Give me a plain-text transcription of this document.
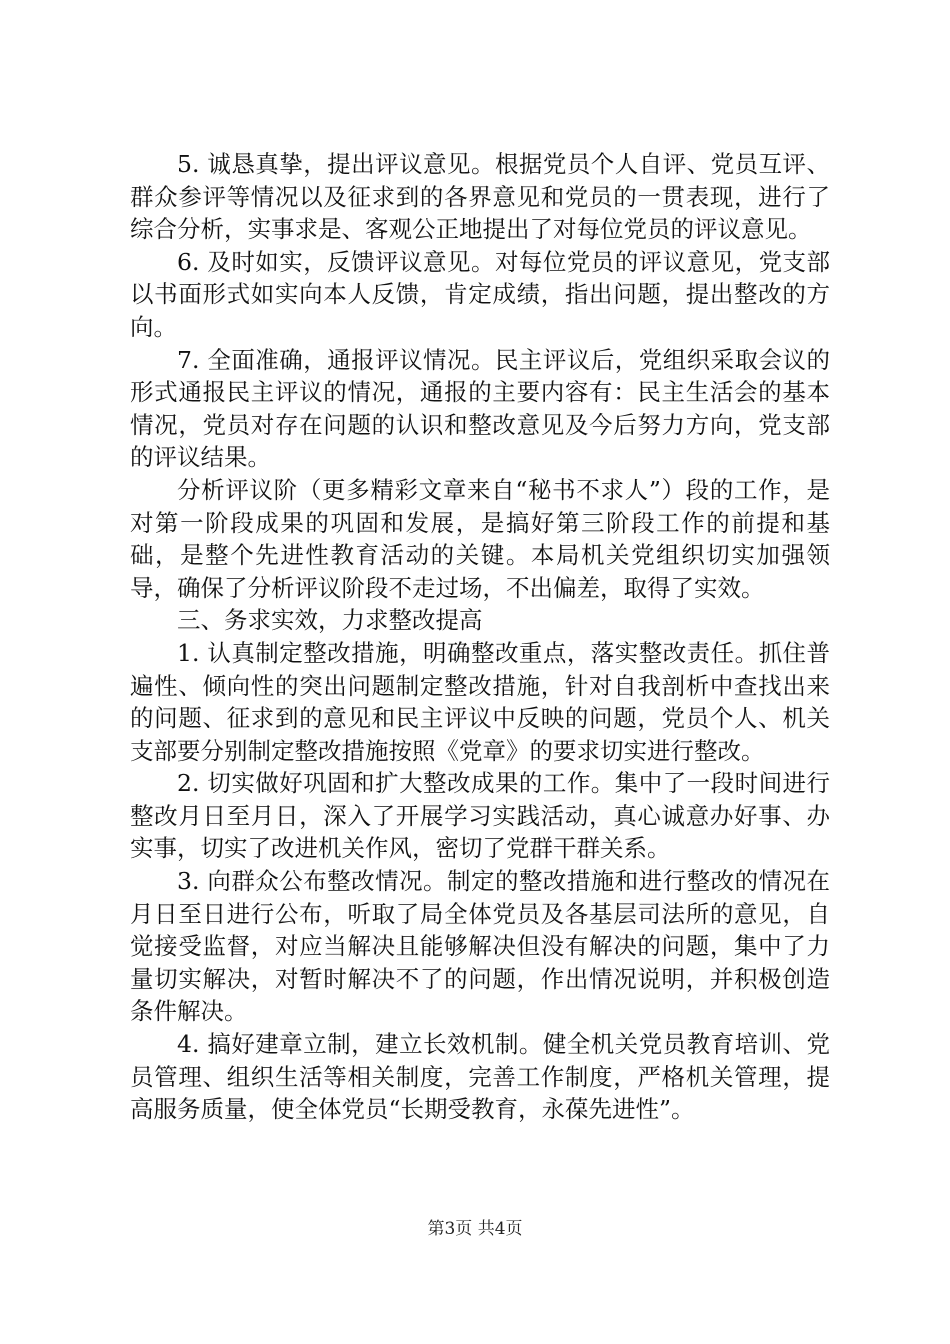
5. 诚恳真挚，提出评议意见。根据党员个人自评、党员互评、群众参评等情况以及征求到的各界意见和党员的一贯表现，进行了综合分析，实事求是、客观公正地提出了对每位党员的评议意见。

6. 及时如实，反馈评议意见。对每位党员的评议意见，党支部以书面形式如实向本人反馈，肯定成绩，指出问题，提出整改的方向。

7. 全面准确，通报评议情况。民主评议后，党组织采取会议的形式通报民主评议的情况，通报的主要内容有：民主生活会的基本情况，党员对存在问题的认识和整改意见及今后努力方向，党支部的评议结果。

分析评议阶（更多精彩文章来自“秘书不求人”）段的工作，是对第一阶段成果的巩固和发展，是搞好第三阶段工作的前提和基础，是整个先进性教育活动的关键。本局机关党组织切实加强领导，确保了分析评议阶段不走过场，不出偏差，取得了实效。

三、务求实效，力求整改提高

1. 认真制定整改措施，明确整改重点，落实整改责任。抓住普遍性、倾向性的突出问题制定整改措施，针对自我剖析中查找出来的问题、征求到的意见和民主评议中反映的问题，党员个人、机关支部要分别制定整改措施按照《党章》的要求切实进行整改。

2. 切实做好巩固和扩大整改成果的工作。集中了一段时间进行整改月日至月日，深入了开展学习实践活动，真心诚意办好事、办实事，切实了改进机关作风，密切了党群干群关系。

3. 向群众公布整改情况。制定的整改措施和进行整改的情况在月日至日进行公布，听取了局全体党员及各基层司法所的意见，自觉接受监督，对应当解决且能够解决但没有解决的问题，集中了力量切实解决，对暂时解决不了的问题，作出情况说明，并积极创造条件解决。

4. 搞好建章立制，建立长效机制。健全机关党员教育培训、党员管理、组织生活等相关制度，完善工作制度，严格机关管理，提高服务质量，使全体党员“长期受教育，永葆先进性”。

第3页 共4页
